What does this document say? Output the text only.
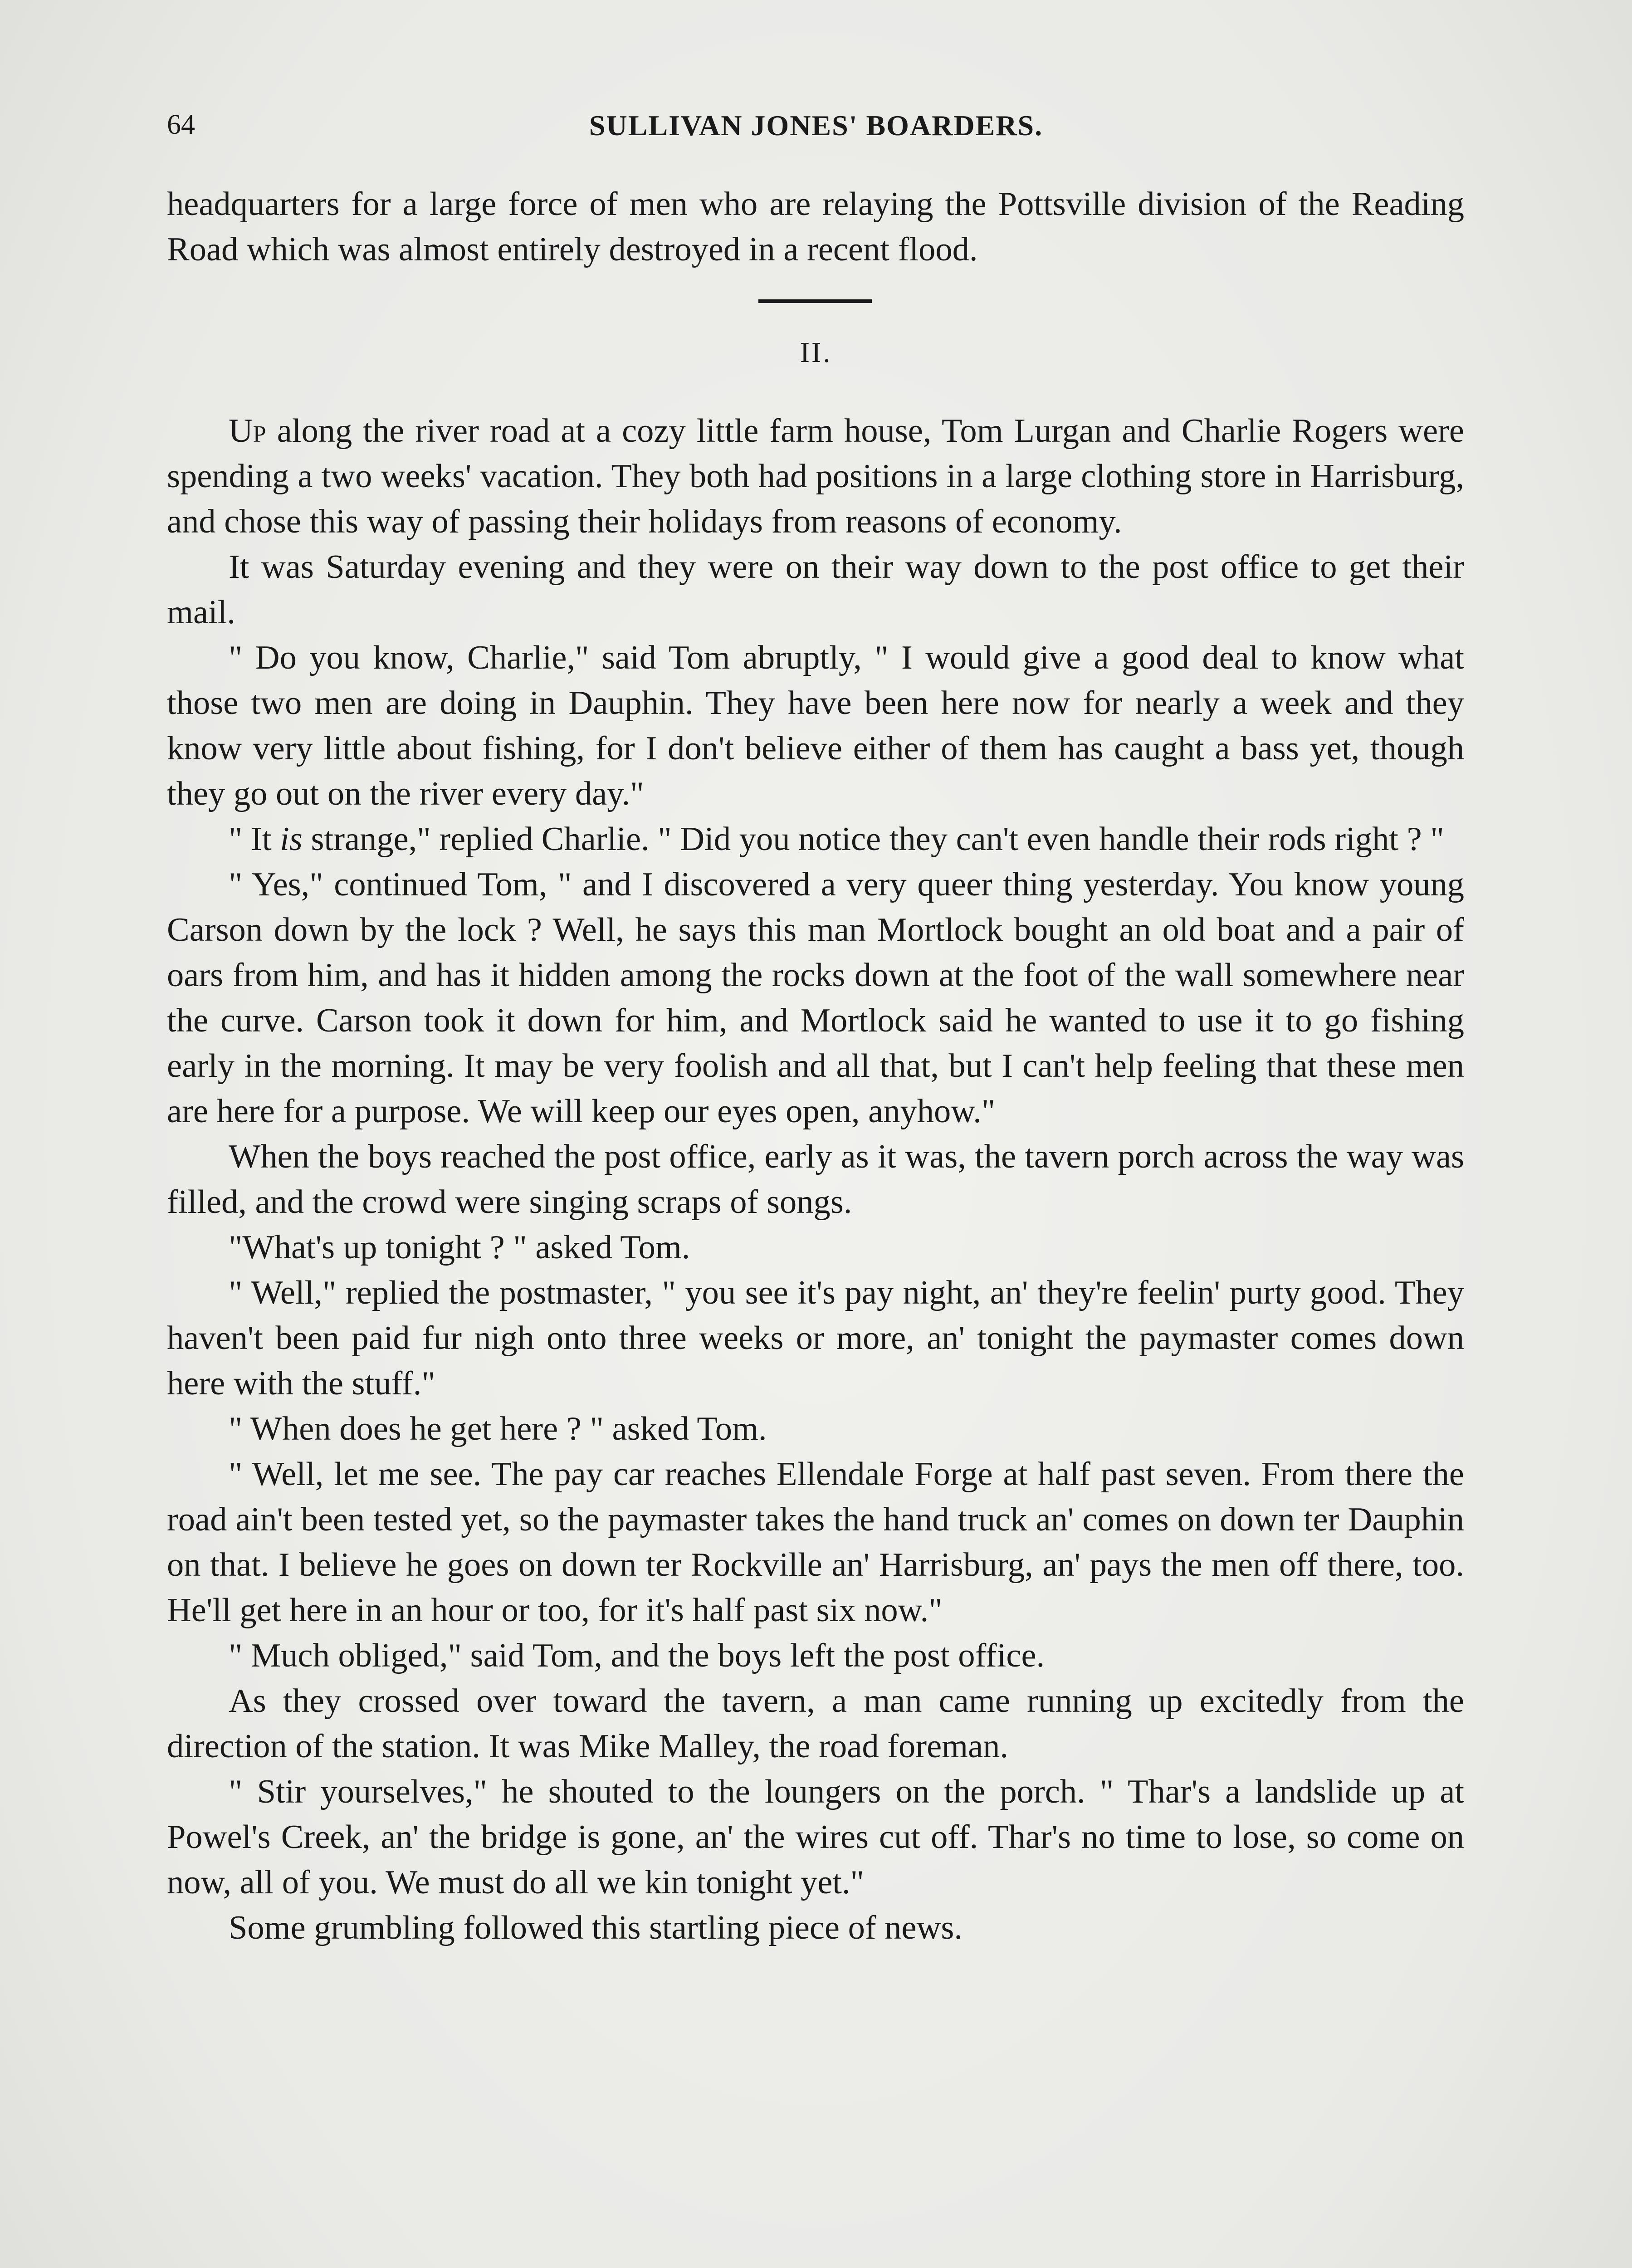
64	SULLIVAN JONES' BOARDERS.

headquarters for a large force of men who are relaying the Pottsville division of the Reading Road which was almost entirely destroyed in a recent flood.

II.

Up along the river road at a cozy little farm house, Tom Lurgan and Charlie Rogers were spending a two weeks' vacation. They both had positions in a large clothing store in Harrisburg, and chose this way of passing their holidays from reasons of economy.

It was Saturday evening and they were on their way down to the post office to get their mail.

" Do you know, Charlie," said Tom abruptly, " I would give a good deal to know what those two men are doing in Dauphin. They have been here now for nearly a week and they know very little about fishing, for I don't believe either of them has caught a bass yet, though they go out on the river every day."

" It is strange," replied Charlie. " Did you notice they can't even handle their rods right ? "

" Yes," continued Tom, " and I discovered a very queer thing yesterday. You know young Carson down by the lock ? Well, he says this man Mortlock bought an old boat and a pair of oars from him, and has it hidden among the rocks down at the foot of the wall somewhere near the curve. Carson took it down for him, and Mortlock said he wanted to use it to go fishing early in the morning. It may be very foolish and all that, but I can't help feeling that these men are here for a purpose. We will keep our eyes open, anyhow."

When the boys reached the post office, early as it was, the tavern porch across the way was filled, and the crowd were singing scraps of songs.

"What's up tonight ? " asked Tom.

" Well," replied the postmaster, " you see it's pay night, an' they're feelin' purty good. They haven't been paid fur nigh onto three weeks or more, an' tonight the paymaster comes down here with the stuff."

" When does he get here ? " asked Tom.

" Well, let me see. The pay car reaches Ellendale Forge at half past seven. From there the road ain't been tested yet, so the paymaster takes the hand truck an' comes on down ter Dauphin on that. I believe he goes on down ter Rockville an' Harrisburg, an' pays the men off there, too. He'll get here in an hour or too, for it's half past six now."

" Much obliged," said Tom, and the boys left the post office.

As they crossed over toward the tavern, a man came running up excitedly from the direction of the station. It was Mike Malley, the road foreman.

" Stir yourselves," he shouted to the loungers on the porch. " Thar's a landslide up at Powel's Creek, an' the bridge is gone, an' the wires cut off. Thar's no time to lose, so come on now, all of you. We must do all we kin tonight yet."

Some grumbling followed this startling piece of news.
